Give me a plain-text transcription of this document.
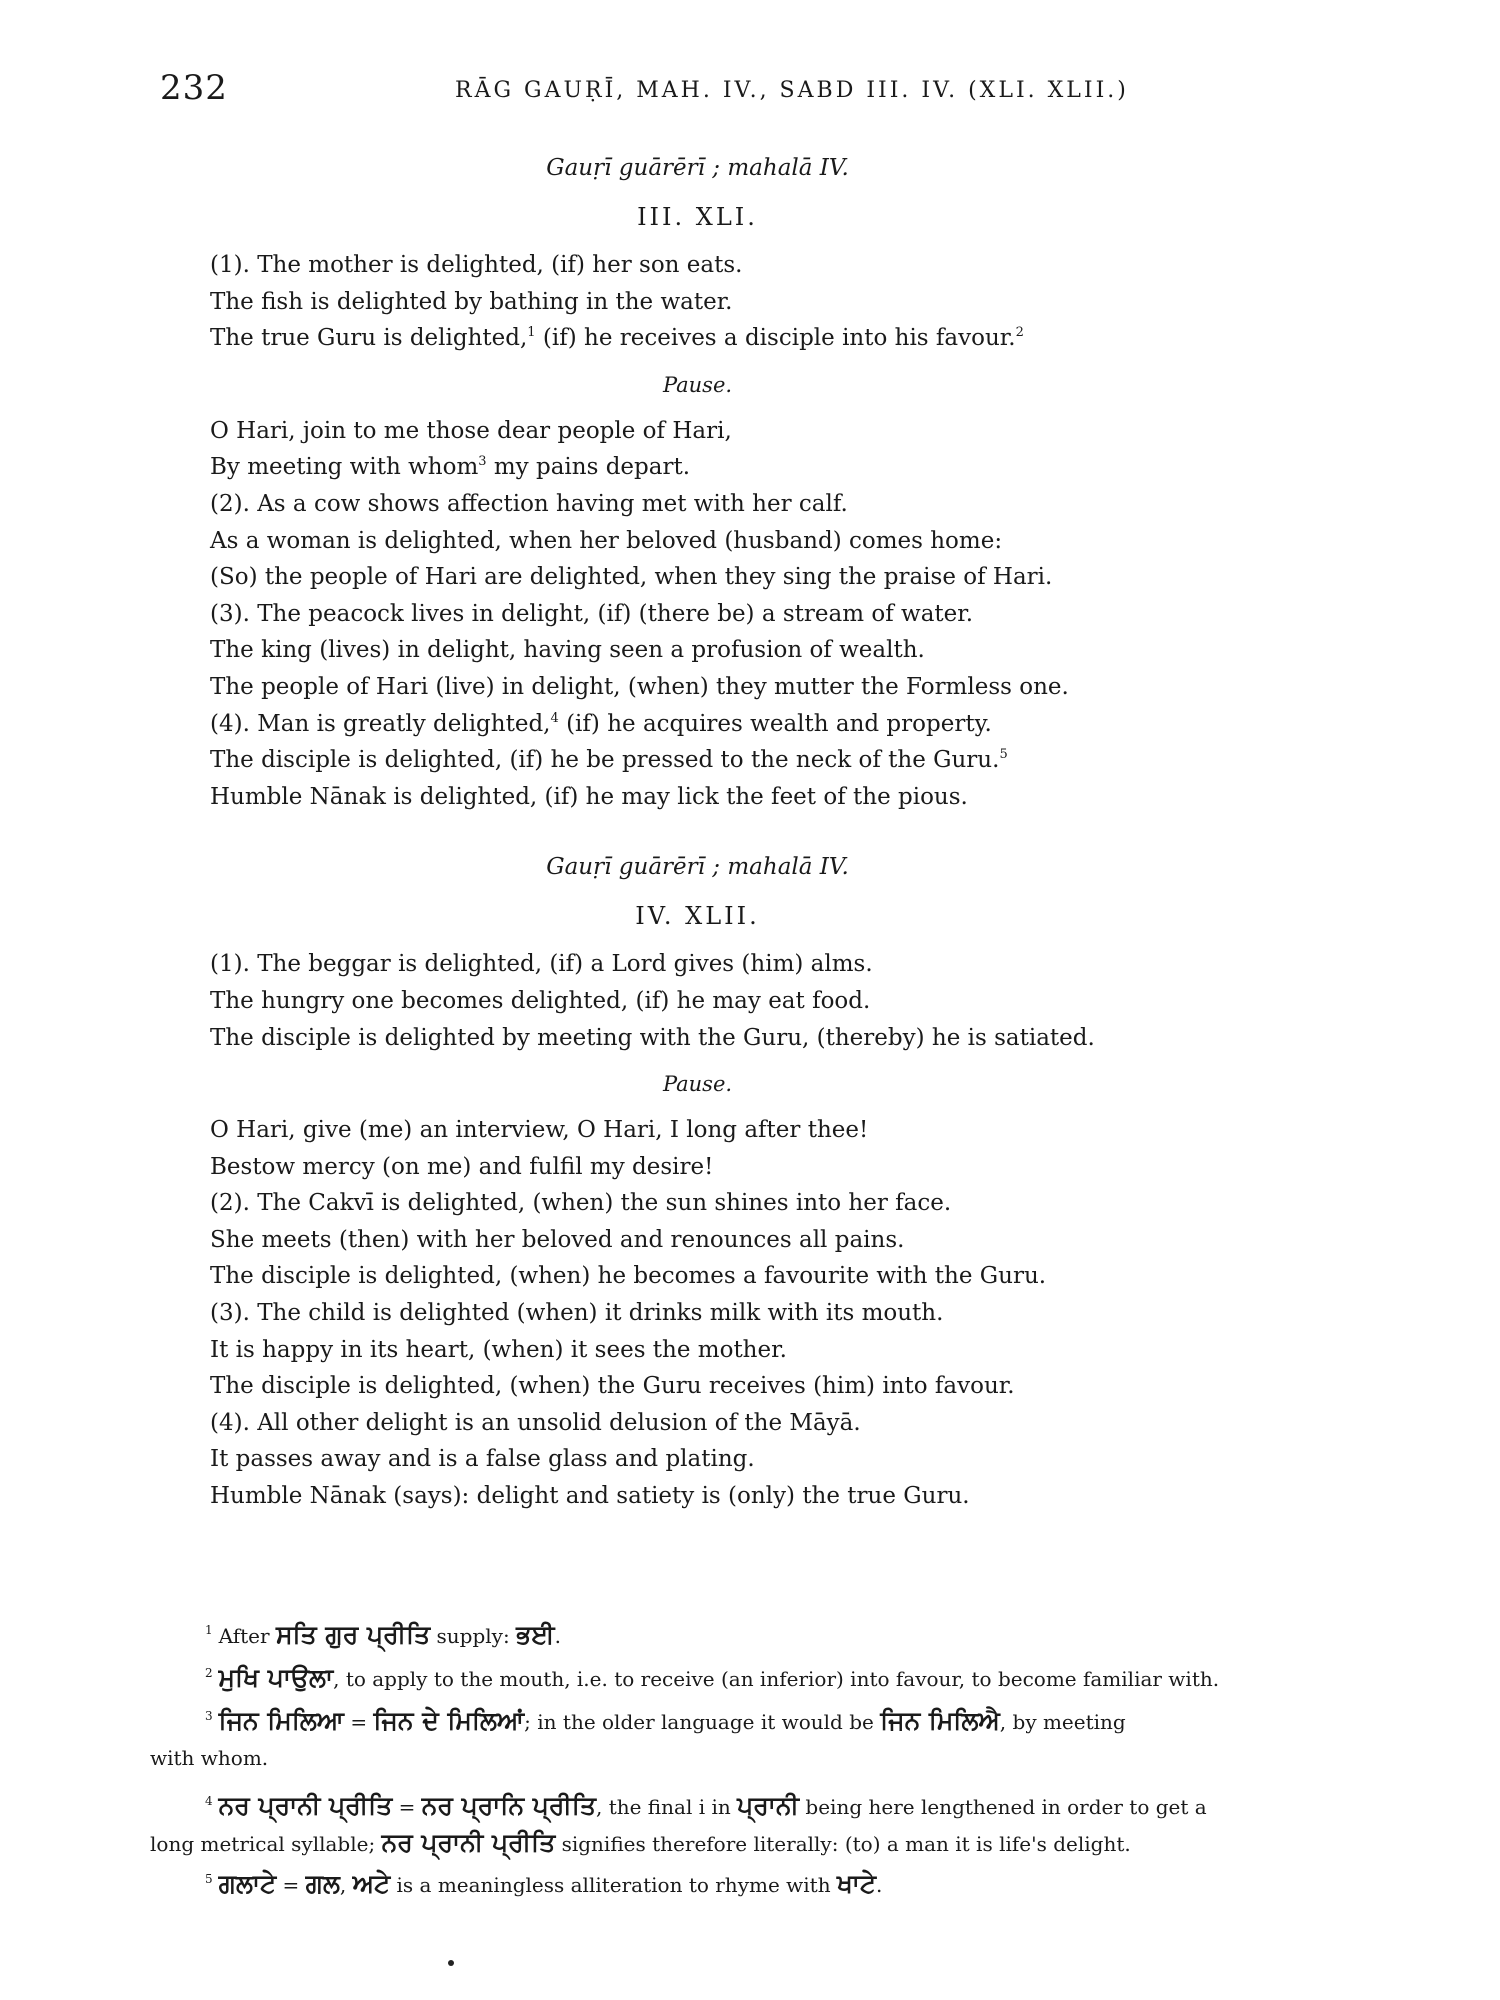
232	RĀG GAUṚĪ, MAH. IV., SABD III. IV. (XLI. XLII.)
Gauṛī guārērī ; mahalā IV.
III. XLI.
(1). The mother is delighted, (if) her son eats.
The fish is delighted by bathing in the water.
The true Guru is delighted,$^1$ (if) he receives a disciple into his favour.$^2$
Pause.
O Hari, join to me those dear people of Hari,
By meeting with whom$^3$ my pains depart.
(2). As a cow shows affection having met with her calf.
As a woman is delighted, when her beloved (husband) comes home:
(So) the people of Hari are delighted, when they sing the praise of Hari.
(3). The peacock lives in delight, (if) (there be) a stream of water.
The king (lives) in delight, having seen a profusion of wealth.
The people of Hari (live) in delight, (when) they mutter the Formless one.
(4). Man is greatly delighted,$^4$ (if) he acquires wealth and property.
The disciple is delighted, (if) he be pressed to the neck of the Guru.$^5$
Humble Nānak is delighted, (if) he may lick the feet of the pious.
Gauṛī guārērī ; mahalā IV.
IV. XLII.
(1). The beggar is delighted, (if) a Lord gives (him) alms.
The hungry one becomes delighted, (if) he may eat food.
The disciple is delighted by meeting with the Guru, (thereby) he is satiated.
Pause.
O Hari, give (me) an interview, O Hari, I long after thee!
Bestow mercy (on me) and fulfil my desire!
(2). The Cakvī is delighted, (when) the sun shines into her face.
She meets (then) with her beloved and renounces all pains.
The disciple is delighted, (when) he becomes a favourite with the Guru.
(3). The child is delighted (when) it drinks milk with its mouth.
It is happy in its heart, (when) it sees the mother.
The disciple is delighted, (when) the Guru receives (him) into favour.
(4). All other delight is an unsolid delusion of the Māyā.
It passes away and is a false glass and plating.
Humble Nānak (says): delight and satiety is (only) the true Guru.
$^1$ After ਸਤਿ ਗੁਰ ਪ੍ਰੀਤਿ supply: ਭਈ.
$^2$ ਮੁਖਿ ਪਾਉਲਾ, to apply to the mouth, i.e. to receive (an inferior) into favour, to become familiar with.
$^3$ ਜਿਨ ਮਿਲਿਆ = ਜਿਨ ਦੇ ਮਿਲਿਆਂ; in the older language it would be ਜਿਨ ਮਿਲਿਐ, by meeting
with whom.
$^4$ ਨਰ ਪ੍ਰਾਨੀ ਪ੍ਰੀਤਿ = ਨਰ ਪ੍ਰਾਨਿ ਪ੍ਰੀਤਿ, the final i in ਪ੍ਰਾਨੀ being here lengthened in order to get a
long metrical syllable; ਨਰ ਪ੍ਰਾਨੀ ਪ੍ਰੀਤਿ signifies therefore literally: (to) a man it is life's delight.
$^5$ ਗਲਾਟੇ = ਗਲ, ਅਟੇ is a meaningless alliteration to rhyme with ਖਾਟੇ.
